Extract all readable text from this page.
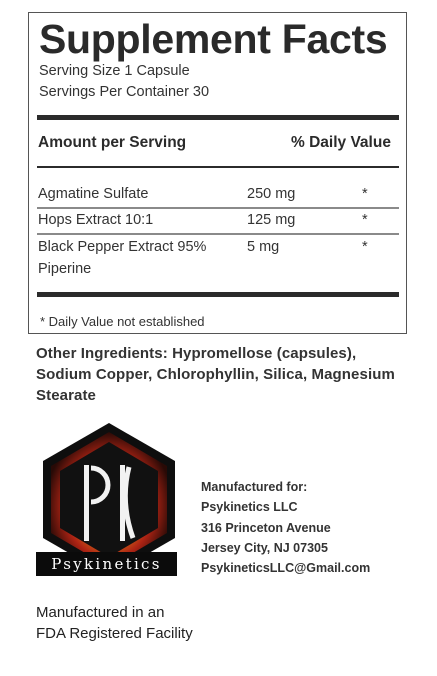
Supplement Facts
Serving Size 1 Capsule
Servings Per Container 30
Amount per Serving	% Daily Value
Agmatine Sulfate	250 mg	*
Hops Extract 10:1	125 mg	*
Black Pepper Extract 95%
Piperine
5 mg	*
* Daily Value not established
Other Ingredients: Hypromellose (capsules),
Sodium Copper, Chlorophyllin, Silica, Magnesium
Stearate
Psykinetics
Manufactured for:
Psykinetics LLC
316 Princeton Avenue
Jersey City, NJ 07305
PsykineticsLLC@Gmail.com
Manufactured in an
FDA Registered Facility
